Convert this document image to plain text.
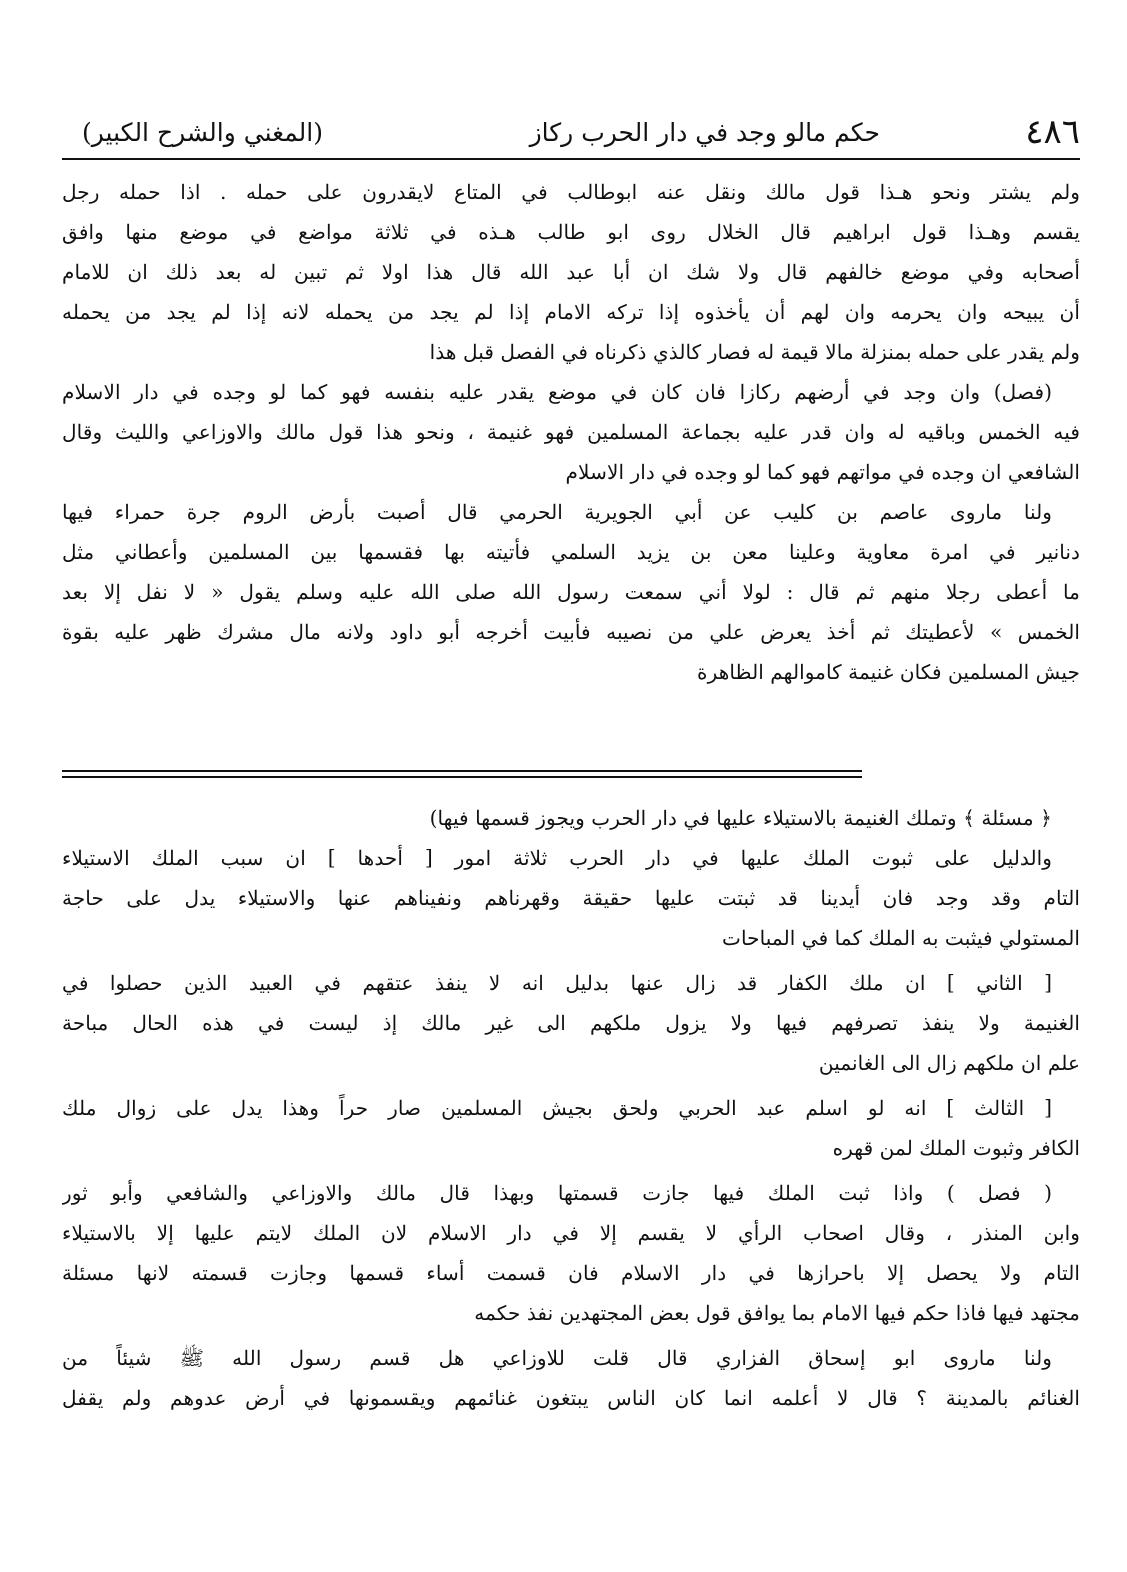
٤٨٦
حكم مالو وجد في دار الحرب ركاز
(المغني والشرح الكبير)
ولم يشتر ونحو هـذا قول مالك ونقل عنه ابوطالب في المتاع لايقدرون على حمله . اذا حمله رجل
يقسم وهـذا قول ابراهيم قال الخلال روى ابو طالب هـذه في ثلاثة مواضع في موضع منها وافق
أصحابه وفي موضع خالفهم قال ولا شك ان أبا عبد الله قال هذا اولا ثم تبين له بعد ذلك ان للامام
أن يبيحه وان يحرمه وان لهم أن يأخذوه إذا تركه الامام إذا لم يجد من يحمله لانه إذا لم يجد من يحمله
ولم يقدر على حمله بمنزلة مالا قيمة له فصار كالذي ذكرناه في الفصل قبل هذا
(فصل) وان وجد في أرضهم ركازا فان كان في موضع يقدر عليه بنفسه فهو كما لو وجده في دار الاسلام
فيه الخمس وباقيه له وان قدر عليه بجماعة المسلمين فهو غنيمة ، ونحو هذا قول مالك والاوزاعي والليث وقال
الشافعي ان وجده في مواتهم فهو كما لو وجده في دار الاسلام
ولنا ماروى عاصم بن كليب عن أبي الجويرية الحرمي قال أصبت بأرض الروم جرة حمراء فيها
دنانير في امرة معاوية وعلينا معن بن يزيد السلمي فأتيته بها فقسمها بين المسلمين وأعطاني مثل
ما أعطى رجلا منهم ثم قال : لولا أني سمعت رسول الله صلى الله عليه وسلم يقول « لا نفل إلا بعد
الخمس » لأعطيتك ثم أخذ يعرض علي من نصيبه فأبيت أخرجه أبو داود ولانه مال مشرك ظهر عليه بقوة
جيش المسلمين فكان غنيمة كاموالهم الظاهرة
﴿ مسئلة ﴾ وتملك الغنيمة بالاستيلاء عليها في دار الحرب ويجوز قسمها فيها)
والدليل على ثبوت الملك عليها في دار الحرب ثلاثة امور [ أحدها ] ان سبب الملك الاستيلاء
التام وقد وجد فان أيدينا قد ثبتت عليها حقيقة وقهرناهم ونفيناهم عنها والاستيلاء يدل على حاجة
المستولي فيثبت به الملك كما في المباحات
[ الثاني ] ان ملك الكفار قد زال عنها بدليل انه لا ينفذ عتقهم في العبيد الذين حصلوا في
الغنيمة ولا ينفذ تصرفهم فيها ولا يزول ملكهم الى غير مالك إذ ليست في هذه الحال مباحة
علم ان ملكهم زال الى الغانمين
[ الثالث ] انه لو اسلم عبد الحربي ولحق بجيش المسلمين صار حراً وهذا يدل على زوال ملك
الكافر وثبوت الملك لمن قهره
( فصل ) واذا ثبت الملك فيها جازت قسمتها وبهذا قال مالك والاوزاعي والشافعي وأبو ثور
وابن المنذر ، وقال اصحاب الرأي لا يقسم إلا في دار الاسلام لان الملك لايتم عليها إلا بالاستيلاء
التام ولا يحصل إلا باحرازها في دار الاسلام فان قسمت أساء قسمها وجازت قسمته لانها مسئلة
مجتهد فيها فاذا حكم فيها الامام بما يوافق قول بعض المجتهدين نفذ حكمه
ولنا ماروى ابو إسحاق الفزاري قال قلت للاوزاعي هل قسم رسول الله ﷺ شيئاً من
الغنائم بالمدينة ؟ قال لا أعلمه انما كان الناس يبتغون غنائمهم ويقسمونها في أرض عدوهم ولم يقفل
